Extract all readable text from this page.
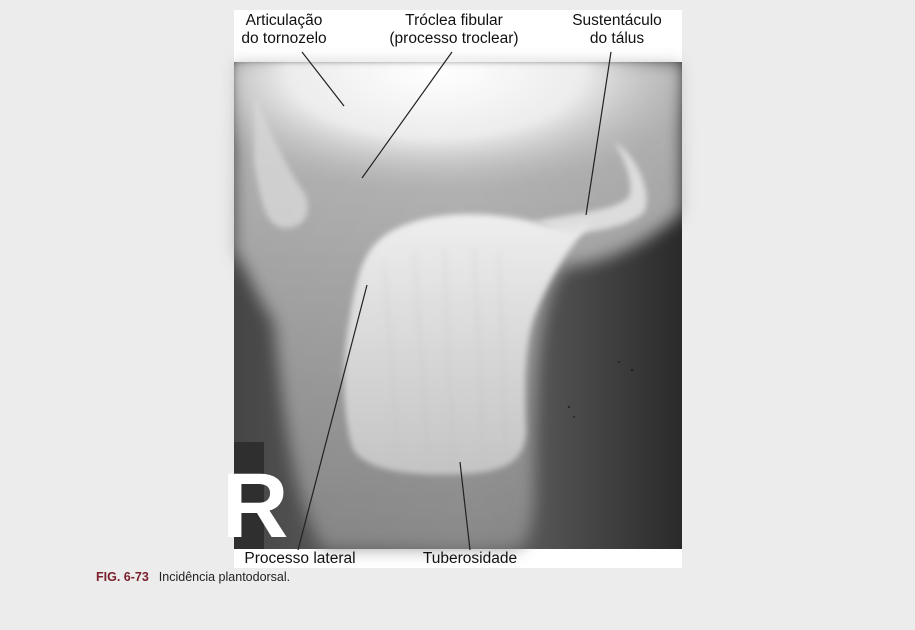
Articulação
do tornozelo
Tróclea fibular
(processo troclear)
Sustentáculo
do tálus
R
Processo lateral	Tuberosidade
FIG. 6-73 Incidência plantodorsal.
